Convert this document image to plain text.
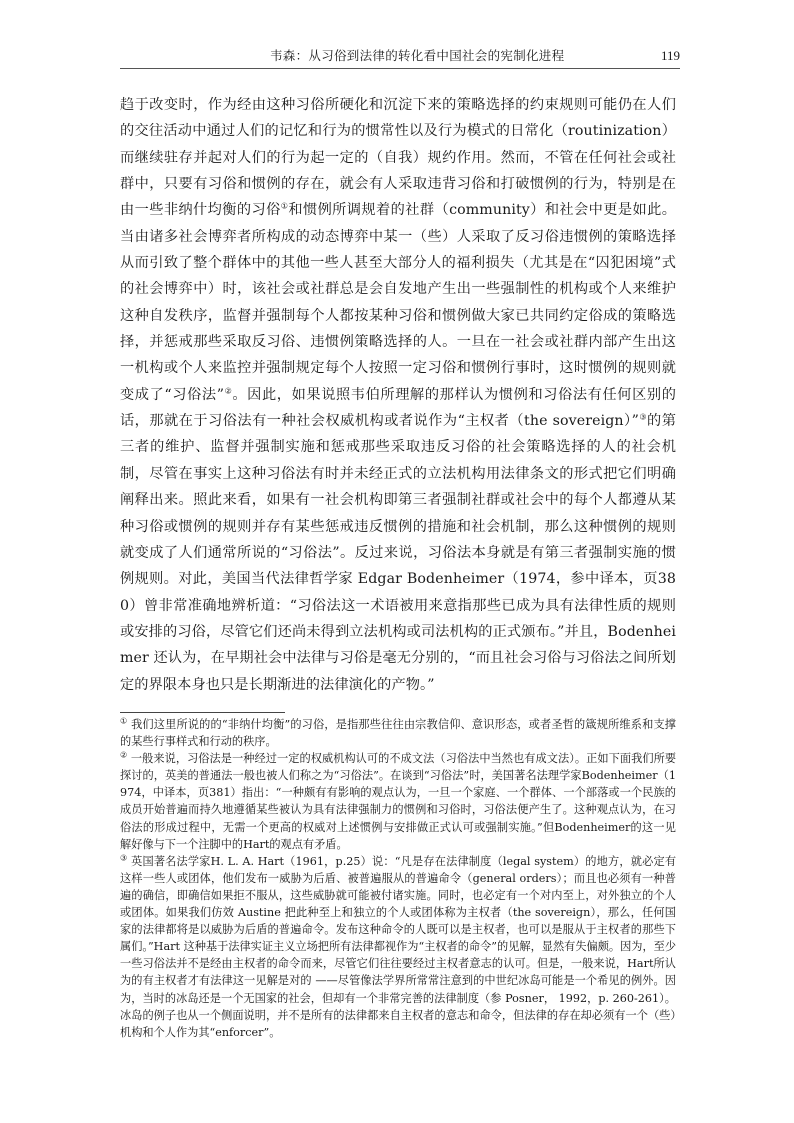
韦森：从习俗到法律的转化看中国社会的宪制化进程	119

趋于改变时，作为经由这种习俗所硬化和沉淀下来的策略选择的约束规则可能仍在人们的交往活动中通过人们的记忆和行为的惯常性以及行为模式的日常化（routinization）而继续驻存并起对人们的行为起一定的（自我）规约作用。然而，不管在任何社会或社群中，只要有习俗和惯例的存在，就会有人采取违背习俗和打破惯例的行为，特别是在由一些非纳什均衡的习俗①和惯例所调规着的社群（community）和社会中更是如此。当由诸多社会博弈者所构成的动态博弈中某一（些）人采取了反习俗违惯例的策略选择从而引致了整个群体中的其他一些人甚至大部分人的福利损失（尤其是在“囚犯困境”式的社会博弈中）时，该社会或社群总是会自发地产生出一些强制性的机构或个人来维护这种自发秩序，监督并强制每个人都按某种习俗和惯例做大家已共同约定俗成的策略选择，并惩戒那些采取反习俗、违惯例策略选择的人。一旦在一社会或社群内部产生出这一机构或个人来监控并强制规定每个人按照一定习俗和惯例行事时，这时惯例的规则就变成了“习俗法”②。因此，如果说照韦伯所理解的那样认为惯例和习俗法有任何区别的话，那就在于习俗法有一种社会权威机构或者说作为“主权者（the sovereign）”③的第三者的维护、监督并强制实施和惩戒那些采取违反习俗的社会策略选择的人的社会机制，尽管在事实上这种习俗法有时并未经正式的立法机构用法律条文的形式把它们明确阐释出来。照此来看，如果有一社会机构即第三者强制社群或社会中的每个人都遵从某种习俗或惯例的规则并存有某些惩戒违反惯例的措施和社会机制，那么这种惯例的规则就变成了人们通常所说的“习俗法”。反过来说，习俗法本身就是有第三者强制实施的惯例规则。对此，美国当代法律哲学家 Edgar Bodenheimer（1974，参中译本，页380）曾非常准确地辨析道：“习俗法这一术语被用来意指那些已成为具有法律性质的规则或安排的习俗，尽管它们还尚未得到立法机构或司法机构的正式颁布。”并且，Bodenheimer 还认为，在早期社会中法律与习俗是毫无分别的，“而且社会习俗与习俗法之间所划定的界限本身也只是长期渐进的法律演化的产物。”

① 我们这里所说的的“非纳什均衡”的习俗，是指那些往往由宗教信仰、意识形态，或者圣哲的箴规所维系和支撑的某些行事样式和行动的秩序。

② 一般来说，习俗法是一种经过一定的权威机构认可的不成文法（习俗法中当然也有成文法）。正如下面我们所要探讨的，英美的普通法一般也被人们称之为“习俗法”。在谈到“习俗法”时，美国著名法理学家Bodenheimer（1974，中译本，页381）指出：“一种颇有有影响的观点认为，一旦一个家庭、一个群体、一个部落或一个民族的成员开始普遍而持久地遵循某些被认为具有法律强制力的惯例和习俗时，习俗法便产生了。这种观点认为，在习俗法的形成过程中，无需一个更高的权威对上述惯例与安排做正式认可或强制实施。”但Bodenheimer的这一见解好像与下一个注脚中的Hart的观点有矛盾。

③ 英国著名法学家H. L. A. Hart（1961，p.25）说：“凡是存在法律制度（legal system）的地方，就必定有这样一些人或团体，他们发布一威胁为后盾、被普遍服从的普遍命令（general orders）；而且也必须有一种普遍的确信，即确信如果拒不服从，这些威胁就可能被付诸实施。同时，也必定有一个对内至上，对外独立的个人或团体。如果我们仿效 Austine 把此种至上和独立的个人或团体称为主权者（the sovereign），那么，任何国家的法律都将是以威胁为后盾的普遍命令。发布这种命令的人既可以是主权者，也可以是服从于主权者的那些下属们。”Hart 这种基于法律实证主义立场把所有法律都视作为“主权者的命令”的见解，显然有失偏颇。因为，至少一些习俗法并不是经由主权者的命令而来，尽管它们往往要经过主权者意志的认可。但是，一般来说，Hart所认为的有主权者才有法律这一见解是对的 ——尽管像法学界所常常注意到的中世纪冰岛可能是一个希见的例外。因为，当时的冰岛还是一个无国家的社会，但却有一个非常完善的法律制度（参 Posner， 1992，p. 260-261）。冰岛的例子也从一个侧面说明，并不是所有的法律都来自主权者的意志和命令，但法律的存在却必须有一个（些）机构和个人作为其“enforcer”。
